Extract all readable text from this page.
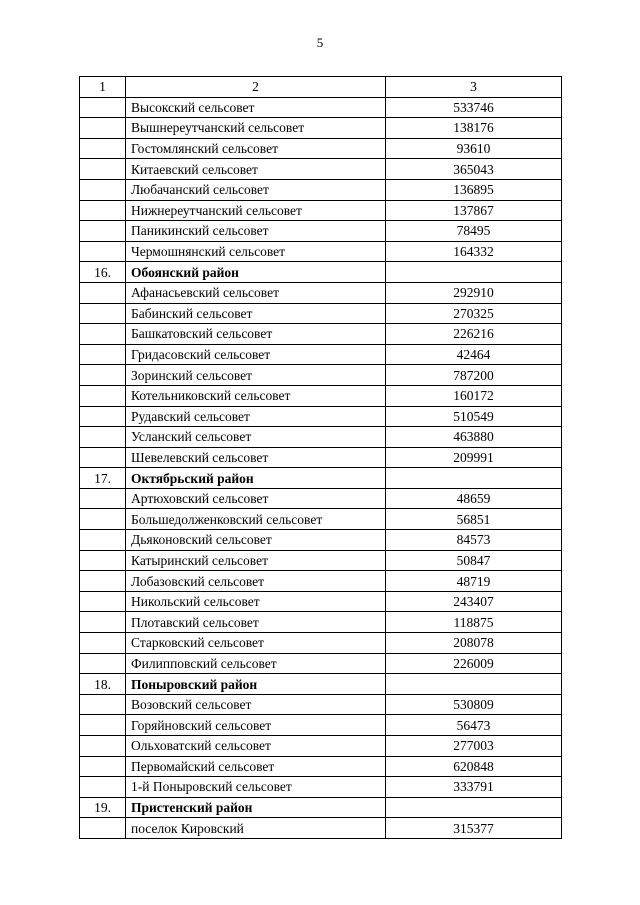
5
1	2	3
	Высокский сельсовет	533746
	Вышнереутчанский сельсовет	138176
	Гостомлянский сельсовет	93610
	Китаевский сельсовет	365043
	Любачанский сельсовет	136895
	Нижнереутчанский сельсовет	137867
	Паникинский сельсовет	78495
	Чермошнянский сельсовет	164332
16.	Обоянский район	
	Афанасьевский сельсовет	292910
	Бабинский сельсовет	270325
	Башкатовский сельсовет	226216
	Гридасовский сельсовет	42464
	Зоринский сельсовет	787200
	Котельниковский сельсовет	160172
	Рудавский сельсовет	510549
	Усланский сельсовет	463880
	Шевелевский сельсовет	209991
17.	Октябрьский район	
	Артюховский сельсовет	48659
	Большедолженковский сельсовет	56851
	Дьяконовский сельсовет	84573
	Катыринский сельсовет	50847
	Лобазовский сельсовет	48719
	Никольский сельсовет	243407
	Плотавский сельсовет	118875
	Старковский сельсовет	208078
	Филипповский сельсовет	226009
18.	Поныровский район	
	Возовский сельсовет	530809
	Горяйновский сельсовет	56473
	Ольховатский сельсовет	277003
	Первомайский сельсовет	620848
	1-й Поныровский сельсовет	333791
19.	Пристенский район	
	поселок Кировский	315377
